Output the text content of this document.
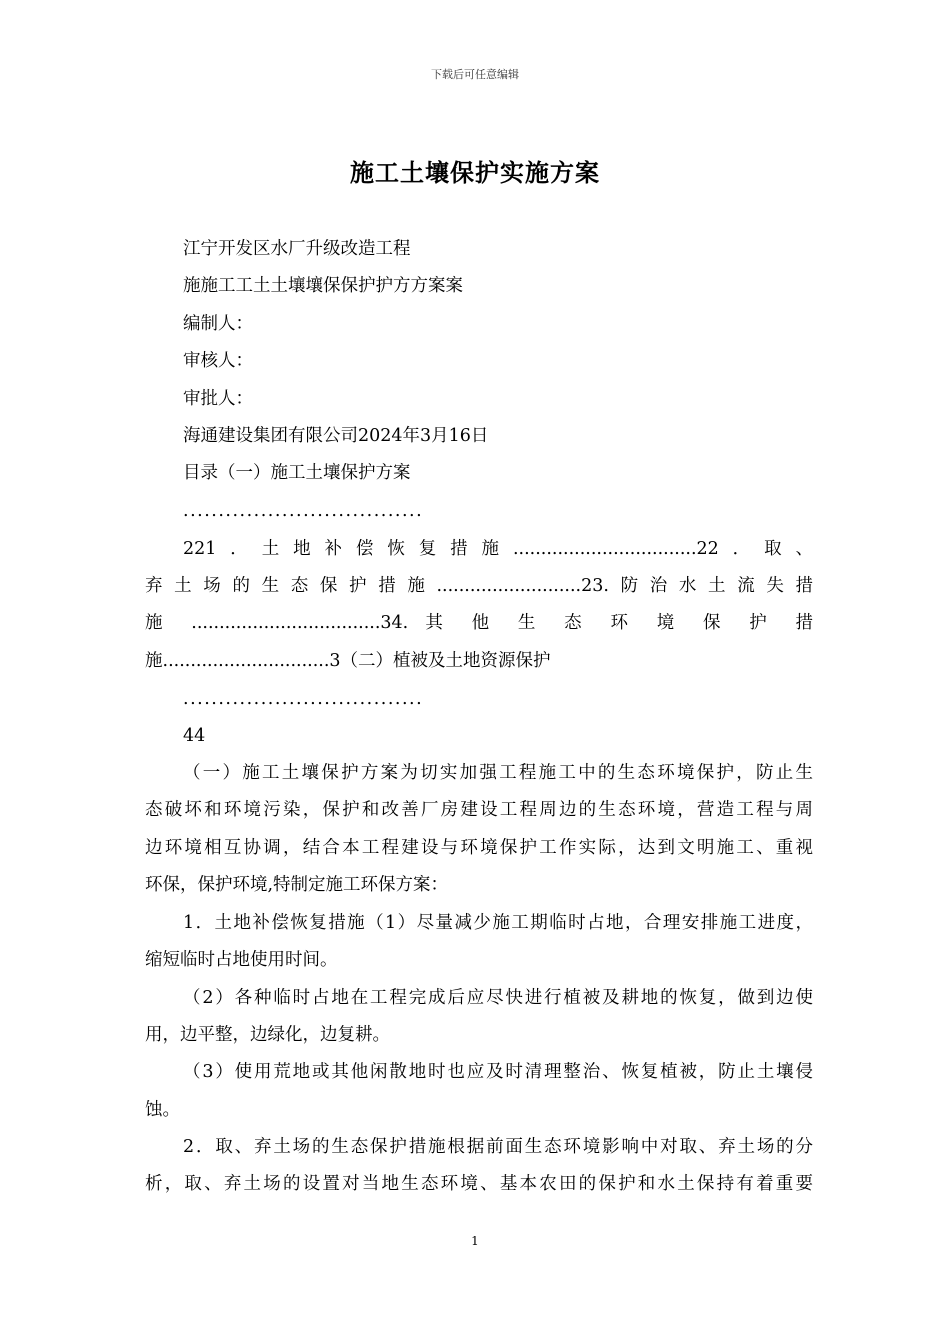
下载后可任意编辑
施工土壤保护实施方案
江宁开发区水厂升级改造工程
施施工工土土壤壤保保护护方方案案
编制人：
审核人：
审批人：
海通建设集团有限公司2024年3月16日
目录（一）施工土壤保护方案
..................................
221．土地补偿恢复措施.................................22．取、
弃土场的生态保护措施..........................23.防治水土流失措
施 ..................................34. 其 他 生 态 环 境 保 护 措
施..............................3（二）植被及土地资源保护
..................................
44
（一）施工土壤保护方案为切实加强工程施工中的生态环境保护，防止生
态破坏和环境污染，保护和改善厂房建设工程周边的生态环境，营造工程与周
边环境相互协调，结合本工程建设与环境保护工作实际，达到文明施工、重视
环保，保护环境,特制定施工环保方案：
1．土地补偿恢复措施（1）尽量减少施工期临时占地，合理安排施工进度，
缩短临时占地使用时间。
（2）各种临时占地在工程完成后应尽快进行植被及耕地的恢复，做到边使
用，边平整，边绿化，边复耕。
（3）使用荒地或其他闲散地时也应及时清理整治、恢复植被，防止土壤侵
蚀。
2．取、弃土场的生态保护措施根据前面生态环境影响中对取、弃土场的分
析，取、弃土场的设置对当地生态环境、基本农田的保护和水土保持有着重要
1
